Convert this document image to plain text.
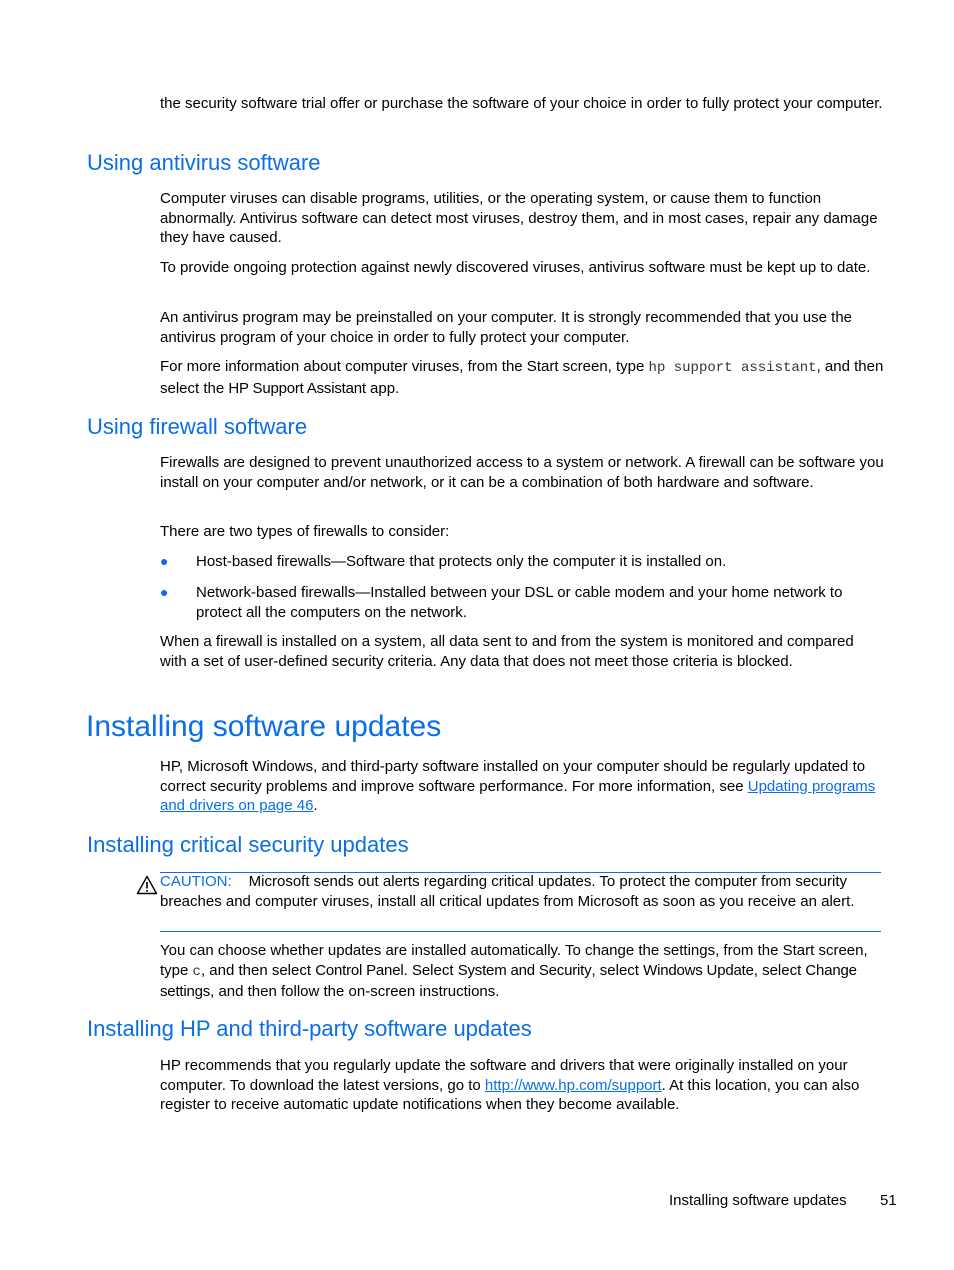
the security software trial offer or purchase the software of your choice in order to fully protect your computer.

Using antivirus software

Computer viruses can disable programs, utilities, or the operating system, or cause them to function abnormally. Antivirus software can detect most viruses, destroy them, and in most cases, repair any damage they have caused.

To provide ongoing protection against newly discovered viruses, antivirus software must be kept up to date.

An antivirus program may be preinstalled on your computer. It is strongly recommended that you use the antivirus program of your choice in order to fully protect your computer.

For more information about computer viruses, from the Start screen, type hp support assistant, and then select the HP Support Assistant app.

Using firewall software

Firewalls are designed to prevent unauthorized access to a system or network. A firewall can be software you install on your computer and/or network, or it can be a combination of both hardware and software.

There are two types of firewalls to consider:

● Host-based firewalls—Software that protects only the computer it is installed on.
● Network-based firewalls—Installed between your DSL or cable modem and your home network to protect all the computers on the network.

When a firewall is installed on a system, all data sent to and from the system is monitored and compared with a set of user-defined security criteria. Any data that does not meet those criteria is blocked.

Installing software updates

HP, Microsoft Windows, and third-party software installed on your computer should be regularly updated to correct security problems and improve software performance. For more information, see Updating programs and drivers on page 46.

Installing critical security updates

CAUTION: Microsoft sends out alerts regarding critical updates. To protect the computer from security breaches and computer viruses, install all critical updates from Microsoft as soon as you receive an alert.

You can choose whether updates are installed automatically. To change the settings, from the Start screen, type c, and then select Control Panel. Select System and Security, select Windows Update, select Change settings, and then follow the on-screen instructions.

Installing HP and third-party software updates

HP recommends that you regularly update the software and drivers that were originally installed on your computer. To download the latest versions, go to http://www.hp.com/support. At this location, you can also register to receive automatic update notifications when they become available.

Installing software updates 51
